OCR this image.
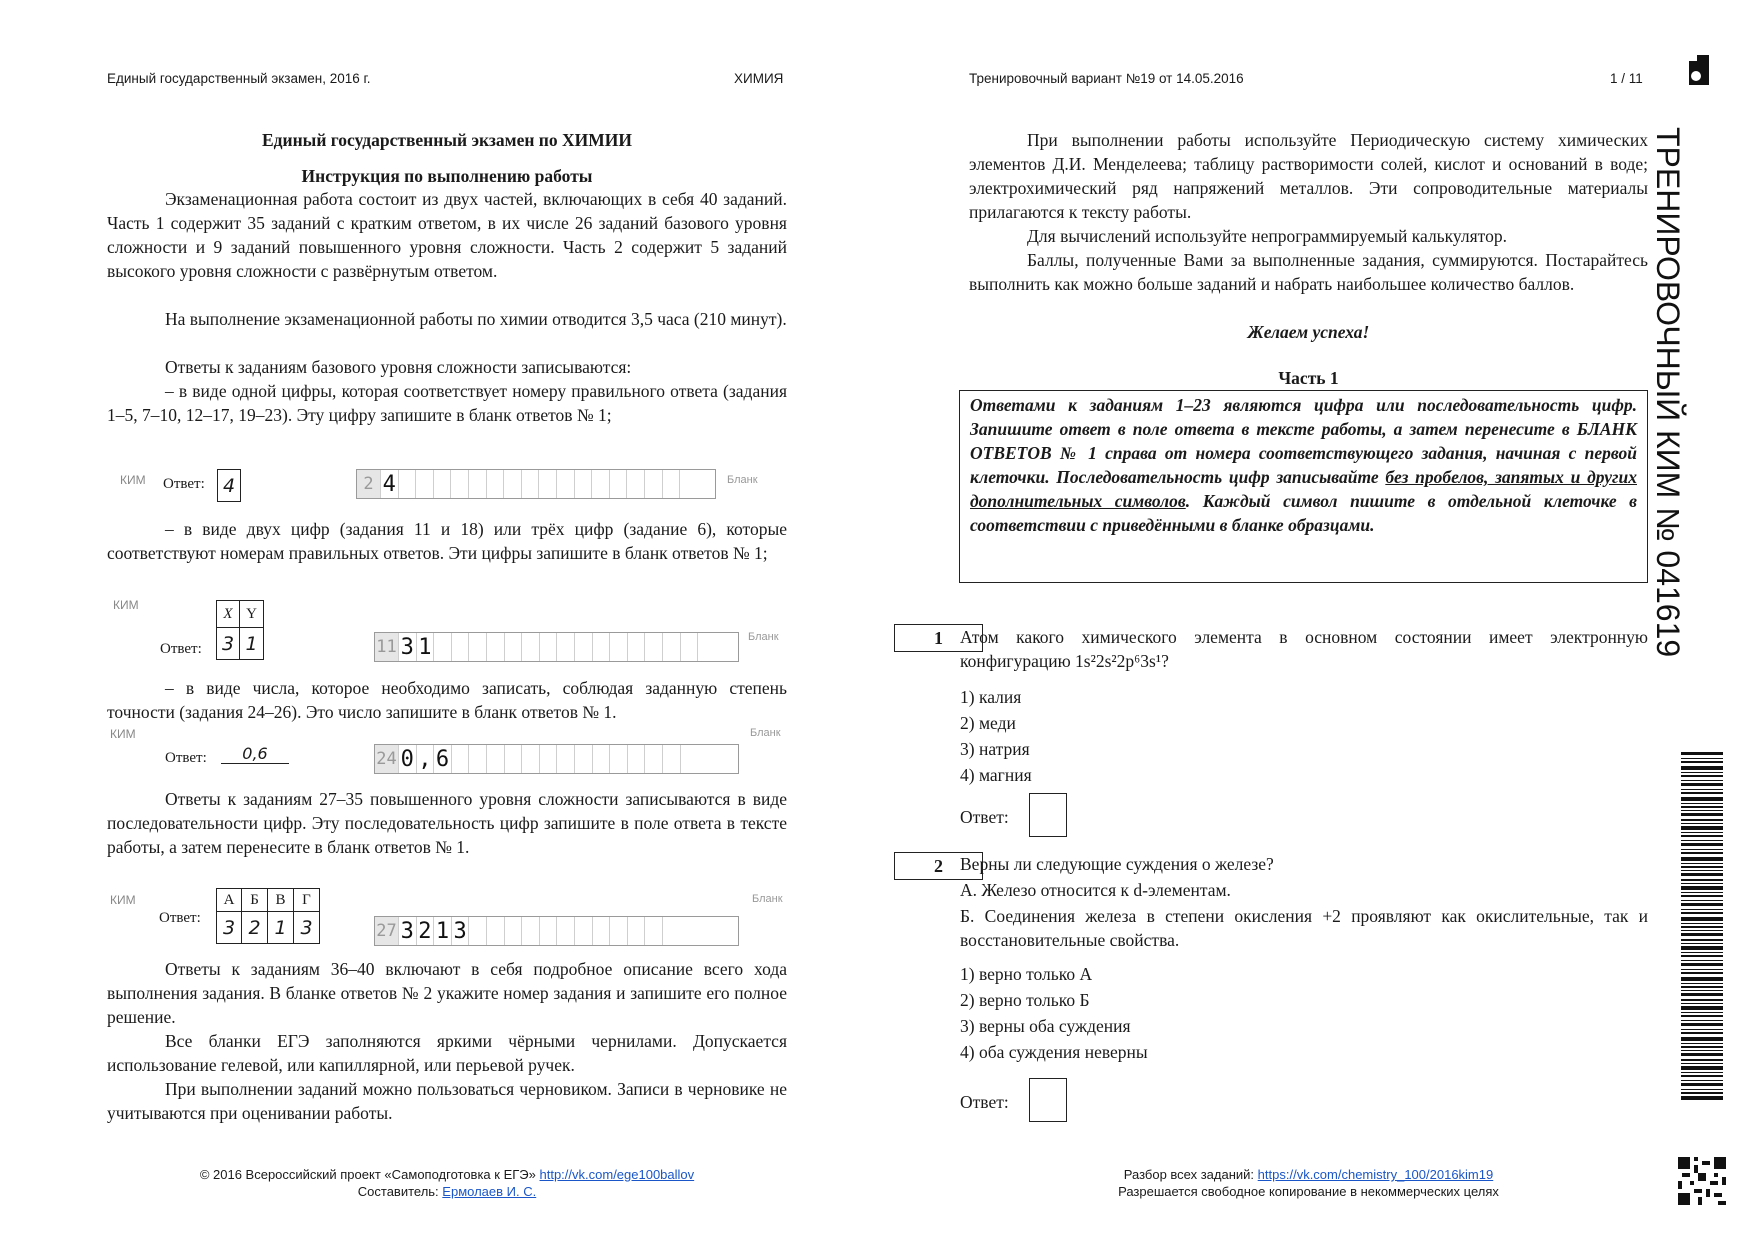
Единый государственный экзамен, 2016 г.	ХИМИЯ	Тренировочный вариант №19 от 14.05.2016	1 / 11
Единый государственный экзамен по ХИМИИ
Инструкция по выполнению работы
Экзаменационная работа состоит из двух частей, включающих в себя 40 заданий. Часть 1 содержит 35 заданий с кратким ответом, в их числе 26 заданий базового уровня сложности и 9 заданий повышенного уровня сложности. Часть 2 содержит 5 заданий высокого уровня сложности с развёрнутым ответом.
На выполнение экзаменационной работы по химии отводится 3,5 часа (210 минут).
Ответы к заданиям базового уровня сложности записываются:
– в виде одной цифры, которая соответствует номеру правильного ответа (задания 1–5, 7–10, 12–17, 19–23). Эту цифру запишите в бланк ответов № 1;
КИМ Ответ: 4	2 4	Бланк
– в виде двух цифр (задания 11 и 18) или трёх цифр (задание 6), которые соответствуют номерам правильных ответов. Эти цифры запишите в бланк ответов № 1;
КИМ
X Y
3 1
Ответ:	11 3 1	Бланк
– в виде числа, которое необходимо записать, соблюдая заданную степень точности (задания 24–26). Это число запишите в бланк ответов № 1.
КИМ
Ответ:	0,6	24 0 , 6
Бланк
Ответы к заданиям 27–35 повышенного уровня сложности записываются в виде последовательности цифр. Эту последовательность цифр запишите в поле ответа в тексте работы, а затем перенесите в бланк ответов № 1.
КИМ	А	Б	В	Г
3 2 1 3
Ответ:
27 3 2 1 3
Бланк
Ответы к заданиям 36–40 включают в себя подробное описание всего хода выполнения задания. В бланке ответов № 2 укажите номер задания и запишите его полное решение.
Все бланки ЕГЭ заполняются яркими чёрными чернилами. Допускается использование гелевой, или капиллярной, или перьевой ручек.
При выполнении заданий можно пользоваться черновиком. Записи в черновике не учитываются при оценивании работы.
При выполнении работы используйте Периодическую систему химических элементов Д.И. Менделеева; таблицу растворимости солей, кислот и оснований в воде; электрохимический ряд напряжений металлов. Эти сопроводительные материалы прилагаются к тексту работы.
Для вычислений используйте непрограммируемый калькулятор.
Баллы, полученные Вами за выполненные задания, суммируются. Постарайтесь выполнить как можно больше заданий и набрать наибольшее количество баллов.
Желаем успеха!
Часть 1
Ответами к заданиям 1–23 являются цифра или последовательность цифр. Запишите ответ в поле ответа в тексте работы, а затем перенесите в БЛАНК ОТВЕТОВ № 1 справа от номера соответствующего задания, начиная с первой клеточки. Последовательность цифр записывайте без пробелов, запятых и других дополнительных символов. Каждый символ пишите в отдельной клеточке в соответствии с приведёнными в бланке образцами.
1 Атом какого химического элемента в основном состоянии имеет электронную конфигурацию 1s²2s²2p⁶3s¹?
1) калия
2) меди
3) натрия
4) магния
Ответ:
2 Верны ли следующие суждения о железе?
А. Железо относится к d-элементам.
Б. Соединения железа в степени окисления +2 проявляют как окислительные, так и восстановительные свойства.
1) верно только А
2) верно только Б
3) верны оба суждения
4) оба суждения неверны
Ответ:
ТРЕНИРОВОЧНЫЙ КИМ № 041619
© 2016 Всероссийский проект «Самоподготовка к ЕГЭ» http://vk.com/ege100ballov
Составитель: Ермолаев И. С.
Разбор всех заданий: https://vk.com/chemistry_100/2016kim19
Разрешается свободное копирование в некоммерческих целях
